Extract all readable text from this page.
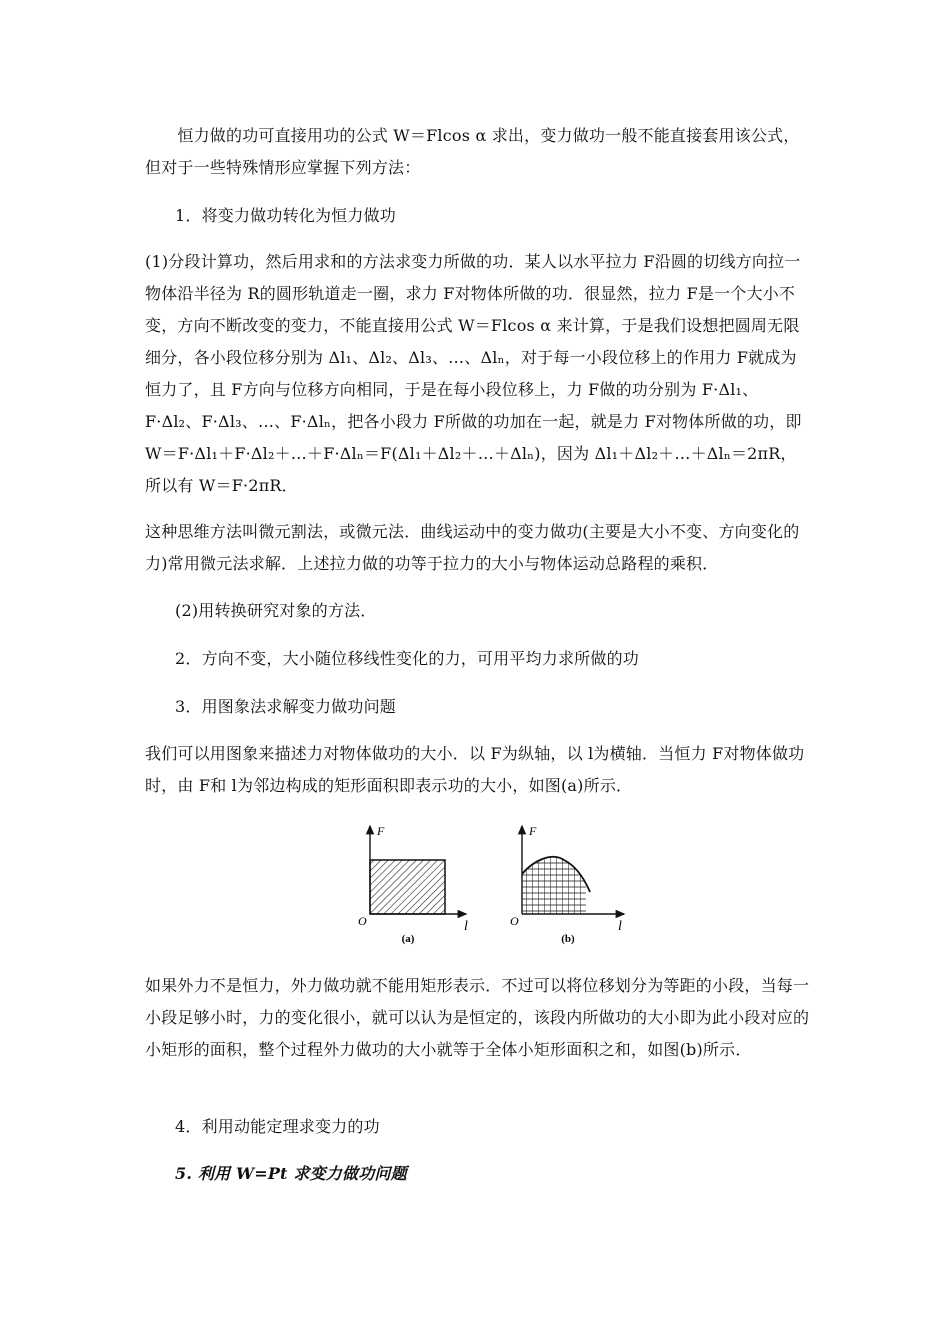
　　恒力做的功可直接用功的公式 W＝Flcos α 求出，变力做功一般不能直接套用该公式，但对于一些特殊情形应掌握下列方法：

1．将变力做功转化为恒力做功

(1)分段计算功，然后用求和的方法求变力所做的功．某人以水平拉力 F沿圆的切线方向拉一物体沿半径为 R的圆形轨道走一圈，求力 F对物体所做的功．很显然，拉力 F是一个大小不变，方向不断改变的变力，不能直接用公式 W＝Flcos α 来计算，于是我们设想把圆周无限细分，各小段位移分别为 Δl₁、Δl₂、Δl₃、…、Δlₙ，对于每一小段位移上的作用力 F就成为恒力了，且 F方向与位移方向相同，于是在每小段位移上，力 F做的功分别为 F·Δl₁、F·Δl₂、F·Δl₃、…、F·Δlₙ，把各小段力 F所做的功加在一起，就是力 F对物体所做的功，即 W＝F·Δl₁＋F·Δl₂＋…＋F·Δlₙ＝F(Δl₁＋Δl₂＋…＋Δlₙ)，因为 Δl₁＋Δl₂＋…＋Δlₙ＝2πR，所以有 W＝F·2πR．

这种思维方法叫微元割法，或微元法．曲线运动中的变力做功(主要是大小不变、方向变化的力)常用微元法求解．上述拉力做的功等于拉力的大小与物体运动总路程的乘积．

(2)用转换研究对象的方法．

2．方向不变，大小随位移线性变化的力，可用平均力求所做的功

3．用图象法求解变力做功问题

我们可以用图象来描述力对物体做功的大小．以 F为纵轴，以 l为横轴．当恒力 F对物体做功时，由 F和 l为邻边构成的矩形面积即表示功的大小，如图(a)所示．

F
l
O
(a)
F
l
O
(b)

如果外力不是恒力，外力做功就不能用矩形表示．不过可以将位移划分为等距的小段，当每一小段足够小时，力的变化很小，就可以认为是恒定的，该段内所做功的大小即为此小段对应的小矩形的面积，整个过程外力做功的大小就等于全体小矩形面积之和，如图(b)所示．

4．利用动能定理求变力的功

5. 利用 W=Pt 求变力做功问题
